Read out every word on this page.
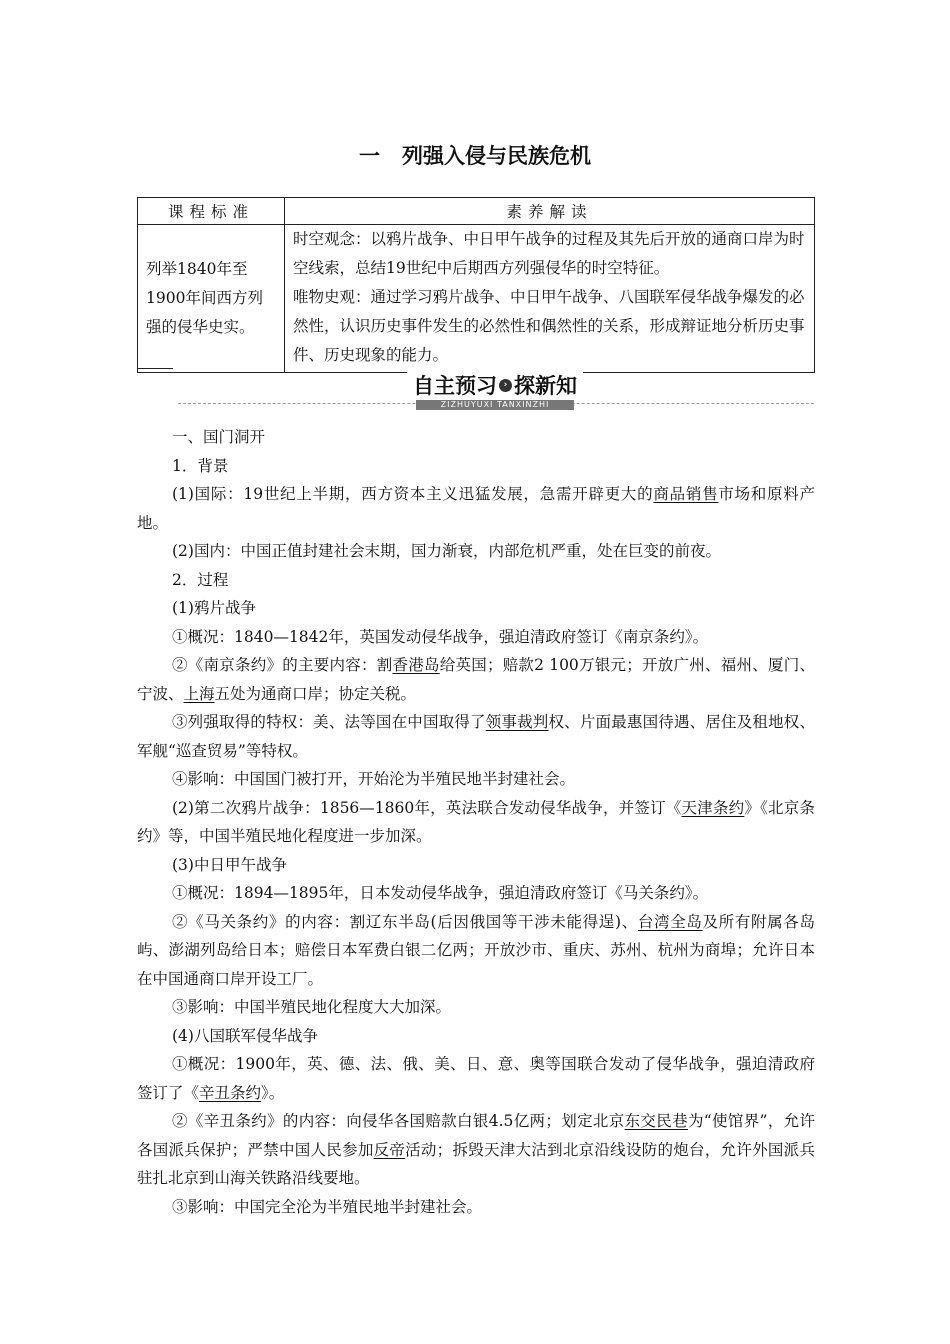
一 列强入侵与民族危机
课程标准	素养解读
列举1840年至1900年间西方列强的侵华史实。	时空观念：以鸦片战争、中日甲午战争的过程及其先后开放的通商口岸为时空线索，总结19世纪中后期西方列强侵华的时空特征。
唯物史观：通过学习鸦片战争、中日甲午战争、八国联军侵华战争爆发的必然性，认识历史事件发生的必然性和偶然性的关系，形成辩证地分析历史事件、历史现象的能力。
自主预习 › 探新知
ZIZHUYUXI TANXINZHI

一、国门洞开

1．背景

(1)国际：19世纪上半期，西方资本主义迅猛发展，急需开辟更大的商品销售市场和原料产地。

(2)国内：中国正值封建社会末期，国力渐衰，内部危机严重，处在巨变的前夜。

2．过程

(1)鸦片战争

①概况：1840—1842年，英国发动侵华战争，强迫清政府签订《南京条约》。

②《南京条约》的主要内容：割香港岛给英国；赔款2 100万银元；开放广州、福州、厦门、宁波、上海五处为通商口岸；协定关税。

③列强取得的特权：美、法等国在中国取得了领事裁判权、片面最惠国待遇、居住及租地权、军舰“巡查贸易”等特权。

④影响：中国国门被打开，开始沦为半殖民地半封建社会。

(2)第二次鸦片战争：1856—1860年，英法联合发动侵华战争，并签订《天津条约》《北京条约》等，中国半殖民地化程度进一步加深。

(3)中日甲午战争

①概况：1894—1895年，日本发动侵华战争，强迫清政府签订《马关条约》。

②《马关条约》的内容：割辽东半岛(后因俄国等干涉未能得逞)、台湾全岛及所有附属各岛屿、澎湖列岛给日本；赔偿日本军费白银二亿两；开放沙市、重庆、苏州、杭州为商埠；允许日本在中国通商口岸开设工厂。

③影响：中国半殖民地化程度大大加深。

(4)八国联军侵华战争

①概况：1900年，英、德、法、俄、美、日、意、奥等国联合发动了侵华战争，强迫清政府签订了《辛丑条约》。

②《辛丑条约》的内容：向侵华各国赔款白银4.5亿两；划定北京东交民巷为“使馆界”，允许各国派兵保护；严禁中国人民参加反帝活动；拆毁天津大沽到北京沿线设防的炮台，允许外国派兵驻扎北京到山海关铁路沿线要地。

③影响：中国完全沦为半殖民地半封建社会。
